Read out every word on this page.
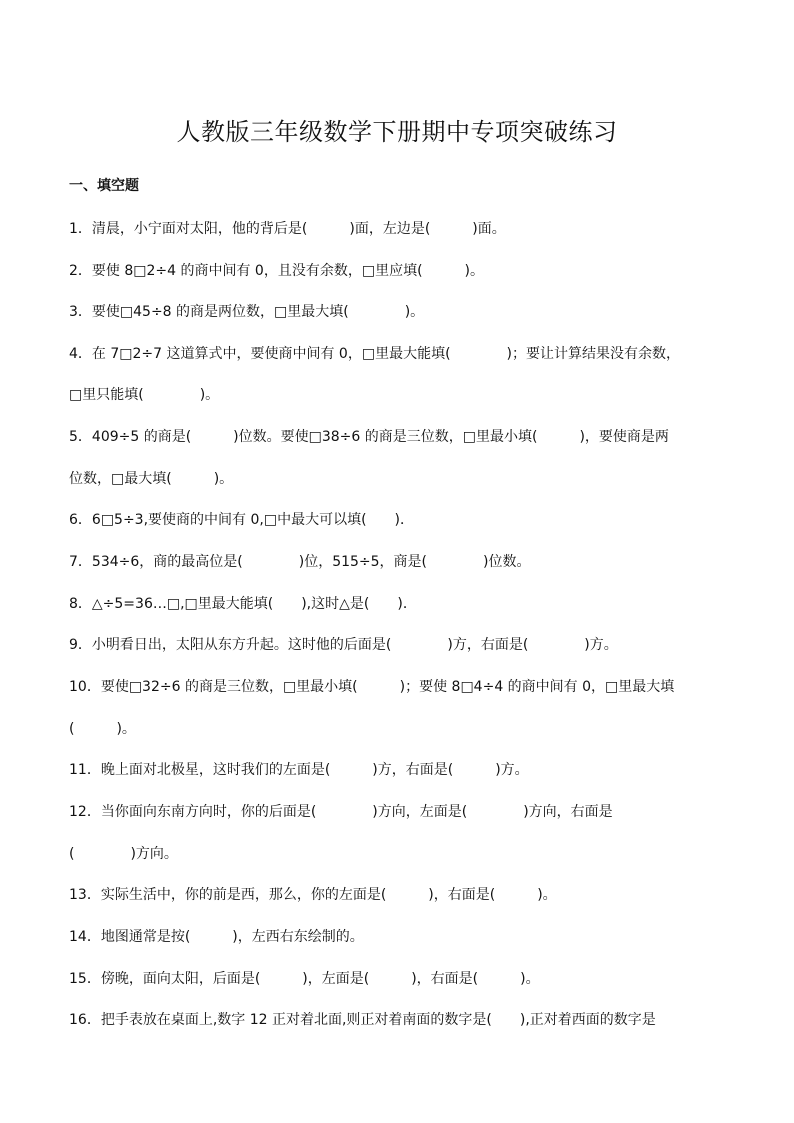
人教版三年级数学下册期中专项突破练习
一、填空题
1．清晨，小宁面对太阳，他的背后是(　　　)面，左边是(　　　)面。
2．要使 8□2÷4 的商中间有 0，且没有余数，□里应填(　　　)。
3．要使□45÷8 的商是两位数，□里最大填(　　　　)。
4．在 7□2÷7 这道算式中，要使商中间有 0，□里最大能填(　　　　)；要让计算结果没有余数，
□里只能填(　　　　)。
5．409÷5 的商是(　　　)位数。要使□38÷6 的商是三位数，□里最小填(　　　)，要使商是两
位数，□最大填(　　　)。
6．6□5÷3,要使商的中间有 0,□中最大可以填(　　)．
7．534÷6，商的最高位是(　　　　)位，515÷5，商是(　　　　)位数。
8．△÷5=36…□,□里最大能填(　　),这时△是(　　)．
9．小明看日出，太阳从东方升起。这时他的后面是(　　　　)方，右面是(　　　　)方。
10．要使□32÷6 的商是三位数，□里最小填(　　　)；要使 8□4÷4 的商中间有 0，□里最大填
(　　　)。
11．晚上面对北极星，这时我们的左面是(　　　)方，右面是(　　　)方。
12．当你面向东南方向时，你的后面是(　　　　)方向，左面是(　　　　)方向，右面是
(　　　　)方向。
13．实际生活中，你的前是西，那么，你的左面是(　　　)，右面是(　　　)。
14．地图通常是按(　　　)，左西右东绘制的。
15．傍晚，面向太阳，后面是(　　　)，左面是(　　　)，右面是(　　　)。
16．把手表放在桌面上,数字 12 正对着北面,则正对着南面的数字是(　　),正对着西面的数字是
